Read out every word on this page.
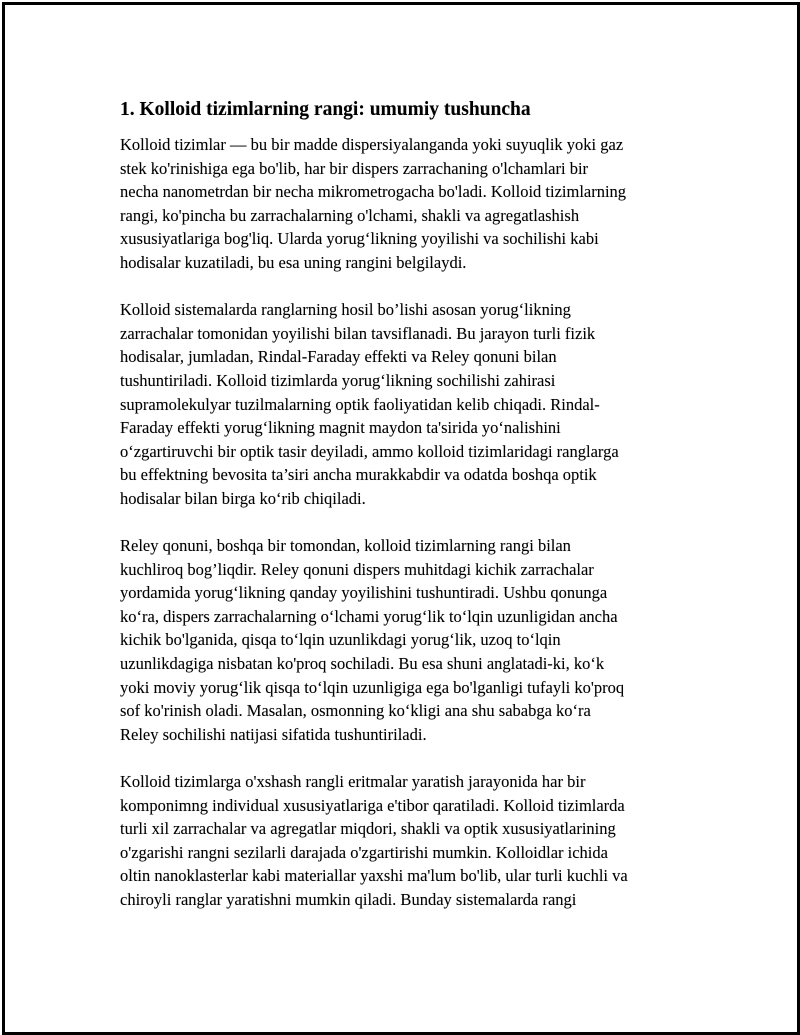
1. Kolloid tizimlarning rangi: umumiy tushuncha
Kolloid tizimlar — bu bir madde dispersiyalanganda yoki suyuqlik yoki gaz
stek ko'rinishiga ega bo'lib, har bir dispers zarrachaning o'lchamlari bir
necha nanometrdan bir necha mikrometrogacha bo'ladi. Kolloid tizimlarning
rangi, ko'pincha bu zarrachalarning o'lchami, shakli va agregatlashish
xususiyatlariga bog'liq. Ularda yorug‘likning yoyilishi va sochilishi kabi
hodisalar kuzatiladi, bu esa uning rangini belgilaydi.
Kolloid sistemalarda ranglarning hosil bo’lishi asosan yorug‘likning
zarrachalar tomonidan yoyilishi bilan tavsiflanadi. Bu jarayon turli fizik
hodisalar, jumladan, Rindal-Faraday effekti va Reley qonuni bilan
tushuntiriladi. Kolloid tizimlarda yorug‘likning sochilishi zahirasi
supramolekulyar tuzilmalarning optik faoliyatidan kelib chiqadi. Rindal-
Faraday effekti yorug‘likning magnit maydon ta'sirida yo‘nalishini
o‘zgartiruvchi bir optik tasir deyiladi, ammo kolloid tizimlaridagi ranglarga
bu effektning bevosita ta’siri ancha murakkabdir va odatda boshqa optik
hodisalar bilan birga ko‘rib chiqiladi.
Reley qonuni, boshqa bir tomondan, kolloid tizimlarning rangi bilan
kuchliroq bog’liqdir. Reley qonuni dispers muhitdagi kichik zarrachalar
yordamida yorug‘likning qanday yoyilishini tushuntiradi. Ushbu qonunga
ko‘ra, dispers zarrachalarning o‘lchami yorug‘lik to‘lqin uzunligidan ancha
kichik bo'lganida, qisqa to‘lqin uzunlikdagi yorug‘lik, uzoq to‘lqin
uzunlikdagiga nisbatan ko'proq sochiladi. Bu esa shuni anglatadi-ki, ko‘k
yoki moviy yorug‘lik qisqa to‘lqin uzunligiga ega bo'lganligi tufayli ko'proq
sof ko'rinish oladi. Masalan, osmonning ko‘kligi ana shu sababga ko‘ra
Reley sochilishi natijasi sifatida tushuntiriladi.
Kolloid tizimlarga o'xshash rangli eritmalar yaratish jarayonida har bir
komponimng individual xususiyatlariga e'tibor qaratiladi. Kolloid tizimlarda
turli xil zarrachalar va agregatlar miqdori, shakli va optik xususiyatlarining
o'zgarishi rangni sezilarli darajada o'zgartirishi mumkin. Kolloidlar ichida
oltin nanoklasterlar kabi materiallar yaxshi ma'lum bo'lib, ular turli kuchli va
chiroyli ranglar yaratishni mumkin qiladi. Bunday sistemalarda rangi
